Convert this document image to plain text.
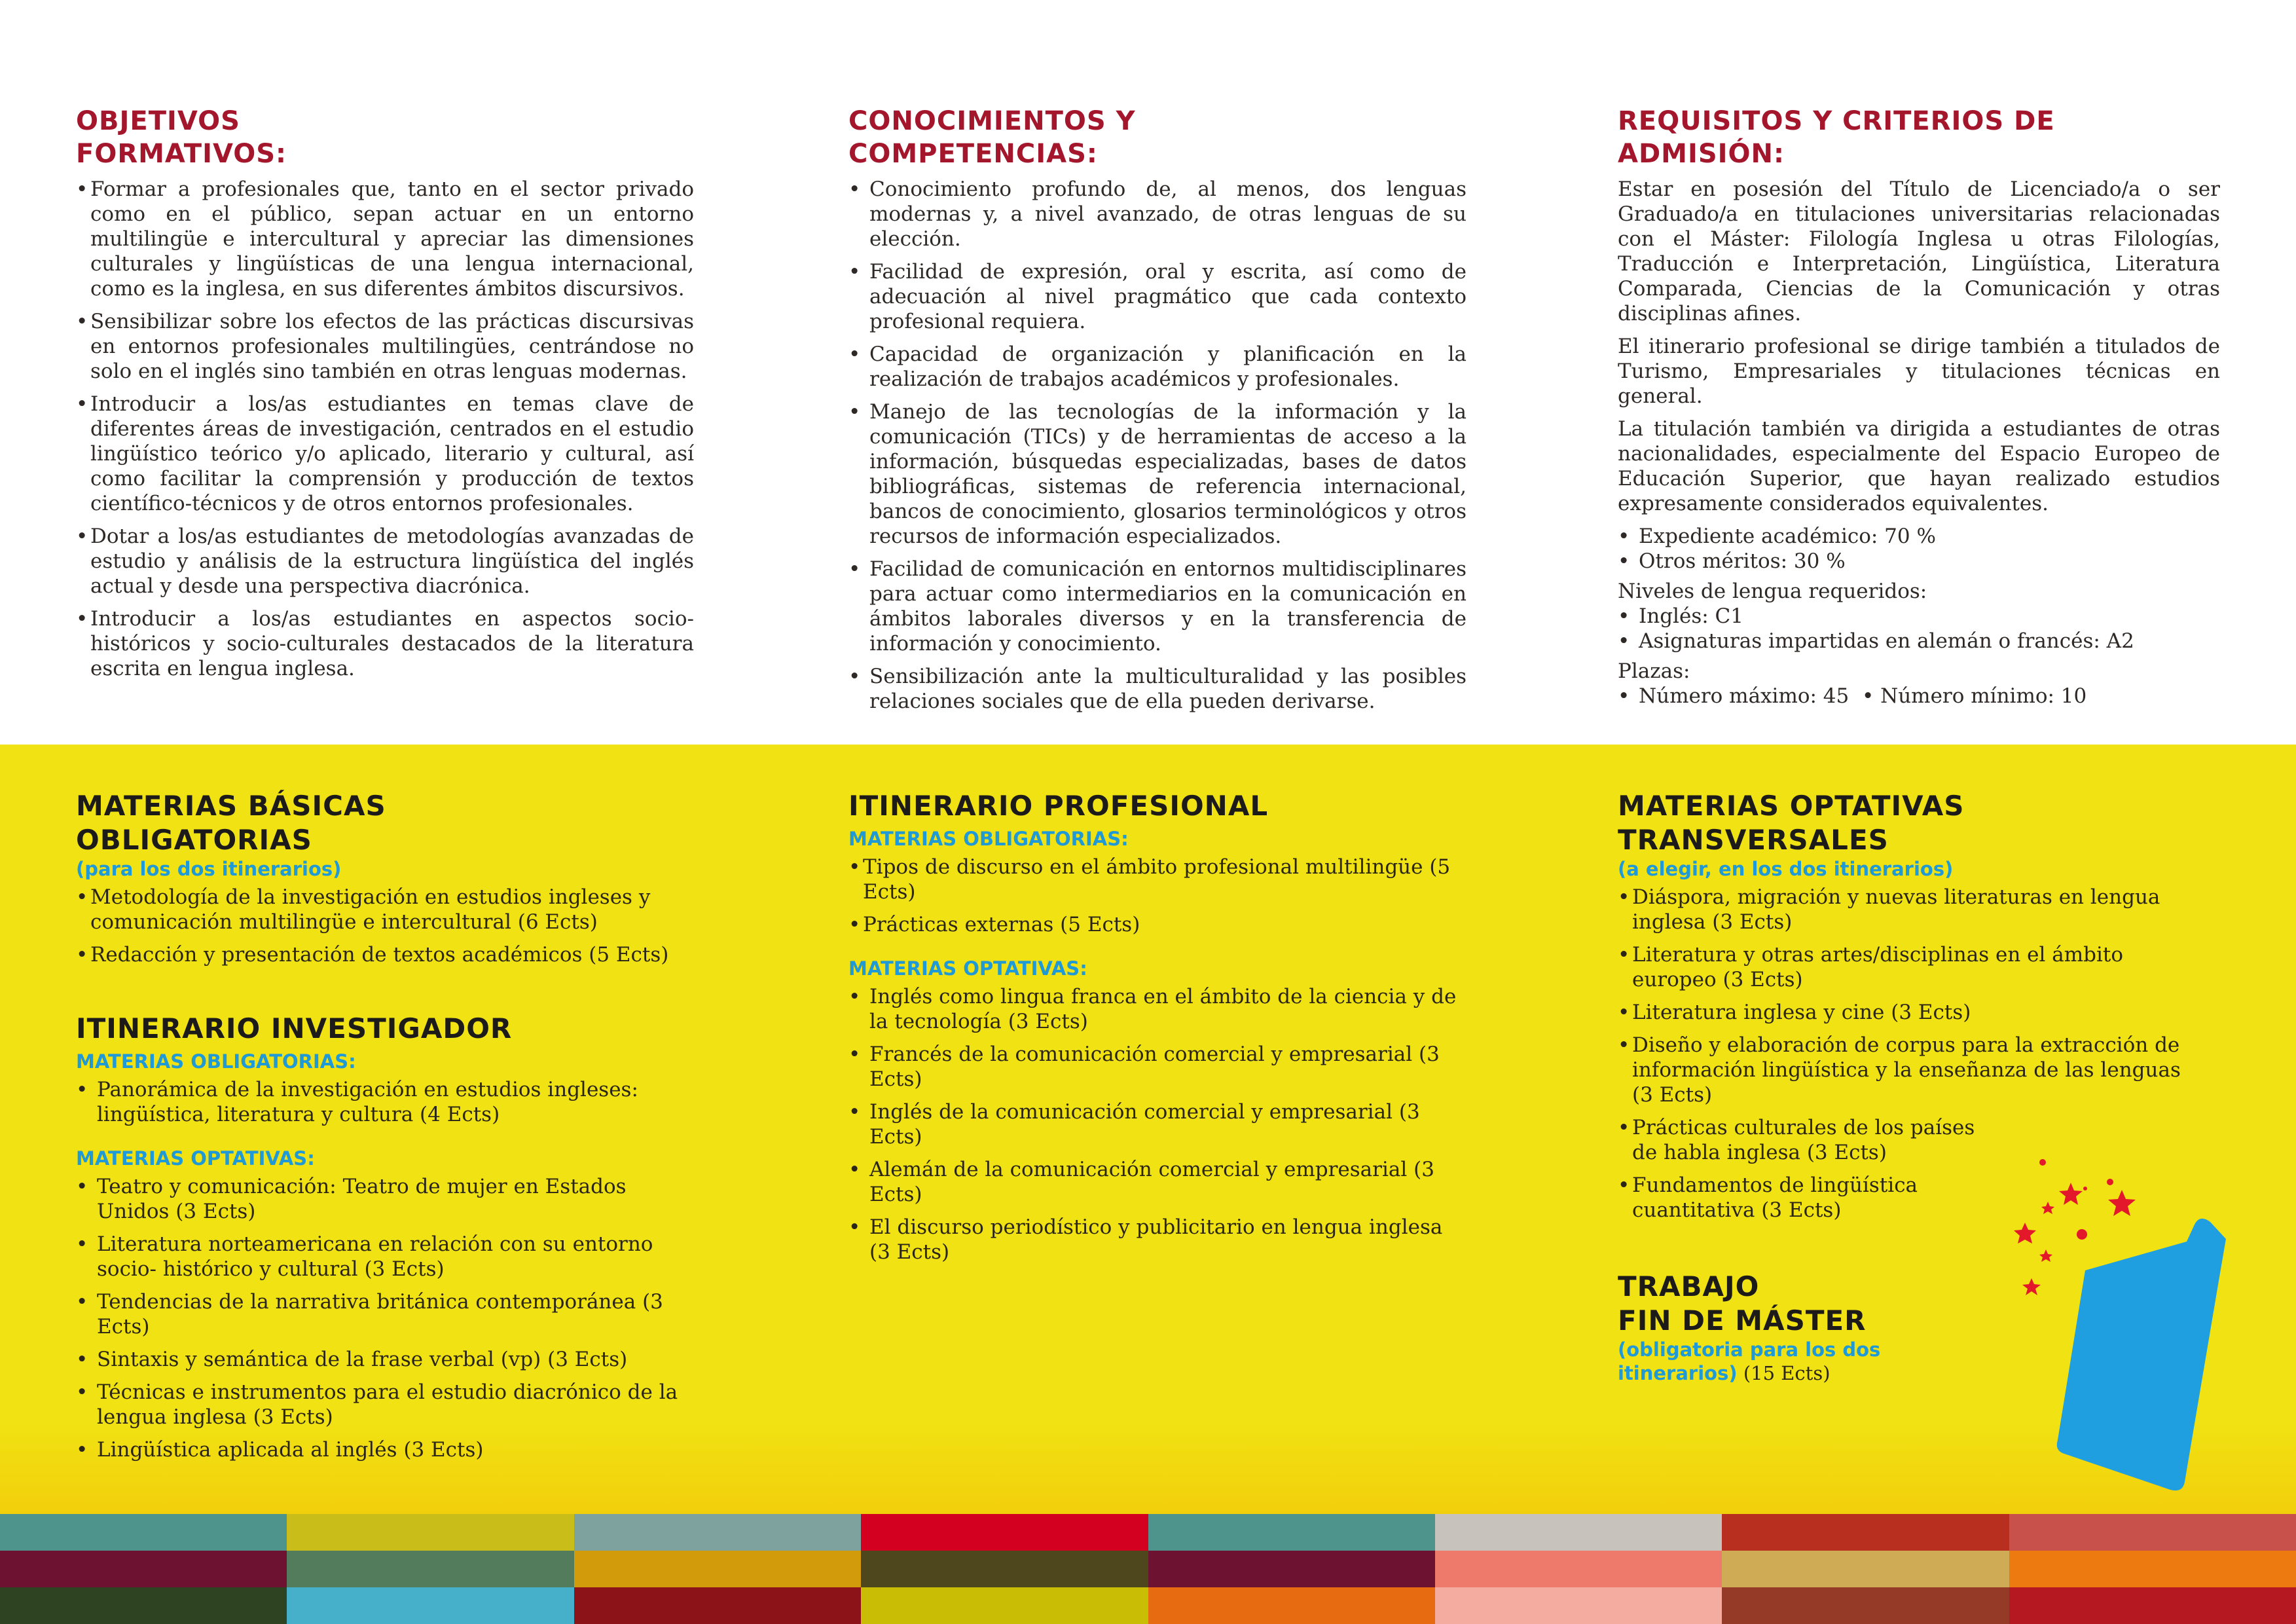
OBJETIVOS
FORMATIVOS:
• Formar a profesionales que, tanto en el sector privado como en el público, sepan actuar en un entorno multilingüe e intercultural y apreciar las dimensiones culturales y lingüísticas de una lengua internacional, como es la inglesa, en sus diferentes ámbitos discursivos.
• Sensibilizar sobre los efectos de las prácticas discursivas en entornos profesionales multilingües, centrándose no solo en el inglés sino también en otras lenguas modernas.
• Introducir a los/as estudiantes en temas clave de diferentes áreas de investigación, centrados en el estudio lingüístico teórico y/o aplicado, literario y cultural, así como facilitar la comprensión y producción de textos científico-técnicos y de otros entornos profesionales.
• Dotar a los/as estudiantes de metodologías avanzadas de estudio y análisis de la estructura lingüística del inglés actual y desde una perspectiva diacrónica.
• Introducir a los/as estudiantes en aspectos socio-históricos y socio-culturales destacados de la literatura escrita en lengua inglesa.
CONOCIMIENTOS Y
COMPETENCIAS:
• Conocimiento profundo de, al menos, dos lenguas modernas y, a nivel avanzado, de otras lenguas de su elección.
• Facilidad de expresión, oral y escrita, así como de adecuación al nivel pragmático que cada contexto profesional requiera.
• Capacidad de organización y planificación en la realización de trabajos académicos y profesionales.
• Manejo de las tecnologías de la información y la comunicación (TICs) y de herramientas de acceso a la información, búsquedas especializadas, bases de datos bibliográficas, sistemas de referencia internacional, bancos de conocimiento, glosarios terminológicos y otros recursos de información especializados.
• Facilidad de comunicación en entornos multidisciplinares para actuar como intermediarios en la comunicación en ámbitos laborales diversos y en la transferencia de información y conocimiento.
• Sensibilización ante la multiculturalidad y las posibles relaciones sociales que de ella pueden derivarse.
REQUISITOS Y CRITERIOS DE
ADMISIÓN:

Estar en posesión del Título de Licenciado/a o ser Graduado/a en titulaciones universitarias relacionadas con el Máster: Filología Inglesa u otras Filologías, Traducción e Interpretación, Lingüística, Literatura Comparada, Ciencias de la Comunicación y otras disciplinas afines.

El itinerario profesional se dirige también a titulados de Turismo, Empresariales y titulaciones técnicas en general.

La titulación también va dirigida a estudiantes de otras nacionalidades, especialmente del Espacio Europeo de Educación Superior, que hayan realizado estudios expresamente considerados equivalentes.

• Expediente académico: 70 %
• Otros méritos: 30 %

Niveles de lengua requeridos:

• Inglés: C1
• Asignaturas impartidas en alemán o francés: A2

Plazas:

• Número máximo: 45  • Número mínimo: 10
MATERIAS BÁSICAS
OBLIGATORIAS
(para los dos itinerarios)
• Metodología de la investigación en estudios ingleses y comunicación multilingüe e intercultural (6 Ects)
• Redacción y presentación de textos académicos (5 Ects)
ITINERARIO INVESTIGADOR
MATERIAS OBLIGATORIAS:
• Panorámica de la investigación en estudios ingleses: lingüística, literatura y cultura (4 Ects)
MATERIAS OPTATIVAS:
• Teatro y comunicación: Teatro de mujer en Estados Unidos (3 Ects)
• Literatura norteamericana en relación con su entorno socio- histórico y cultural (3 Ects)
• Tendencias de la narrativa británica contemporánea (3 Ects)
• Sintaxis y semántica de la frase verbal (vp) (3 Ects)
• Técnicas e instrumentos para el estudio diacrónico de la lengua inglesa (3 Ects)
• Lingüística aplicada al inglés (3 Ects)
ITINERARIO PROFESIONAL
MATERIAS OBLIGATORIAS:
• Tipos de discurso en el ámbito profesional multilingüe (5 Ects)
• Prácticas externas (5 Ects)
MATERIAS OPTATIVAS:
• Inglés como lingua franca en el ámbito de la ciencia y de la tecnología (3 Ects)
• Francés de la comunicación comercial y empresarial (3 Ects)
• Inglés de la comunicación comercial y empresarial (3 Ects)
• Alemán de la comunicación comercial y empresarial (3 Ects)
• El discurso periodístico y publicitario en lengua inglesa (3 Ects)
MATERIAS OPTATIVAS
TRANSVERSALES
(a elegir, en los dos itinerarios)
• Diáspora, migración y nuevas literaturas en lengua inglesa (3 Ects)
• Literatura y otras artes/disciplinas en el ámbito europeo (3 Ects)
• Literatura inglesa y cine (3 Ects)
• Diseño y elaboración de corpus para la extracción de información lingüística y la enseñanza de las lenguas (3 Ects)
• Prácticas culturales de los países de habla inglesa (3 Ects)
• Fundamentos de lingüística cuantitativa (3 Ects)
TRABAJO
FIN DE MÁSTER
(obligatoria para los dos
itinerarios) (15 Ects)
